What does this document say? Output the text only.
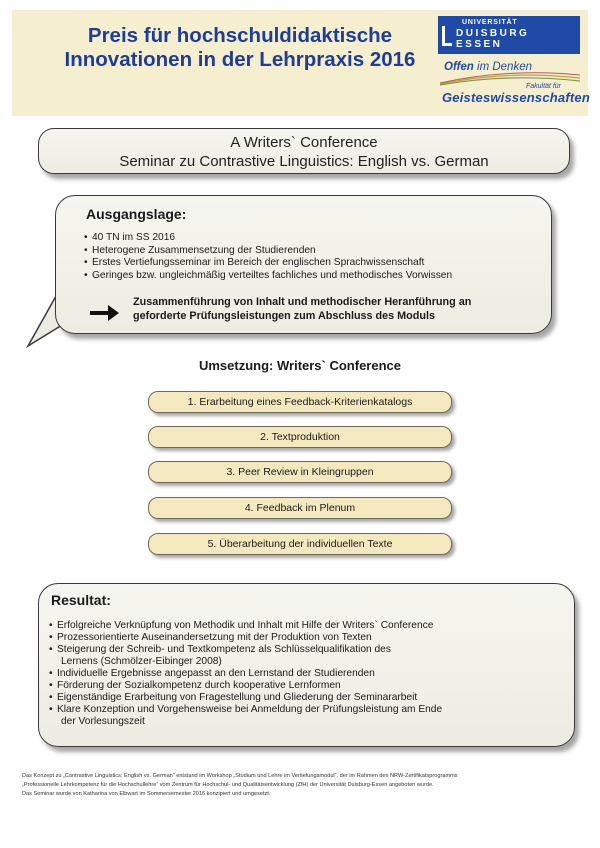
Preis für hochschuldidaktische
Innovationen in der Lehrpraxis 2016
UNIVERSITÄT
DUISBURG
ESSEN
Offen im Denken
Fakultät für
Geisteswissenschaften
A Writers` Conference
Seminar zu Contrastive Linguistics: English vs. German
Ausgangslage:
• 40 TN im SS 2016
• Heterogene Zusammensetzung der Studierenden
• Erstes Vertiefungsseminar im Bereich der englischen Sprachwissenschaft
• Geringes bzw. ungleichmäßig verteiltes fachliches und methodisches Vorwissen
Zusammenführung von Inhalt und methodischer Heranführung an
geforderte Prüfungsleistungen zum Abschluss des Moduls
Umsetzung: Writers` Conference
1. Erarbeitung eines Feedback-Kriterienkatalogs
2. Textproduktion
3. Peer Review in Kleingruppen
4. Feedback im Plenum
5. Überarbeitung der individuellen Texte
Resultat:
• Erfolgreiche Verknüpfung von Methodik und Inhalt mit Hilfe der Writers` Conference
• Prozessorientierte Auseinandersetzung mit der Produktion von Texten
• Steigerung der Schreib- und Textkompetenz als Schlüsselqualifikation des
Lernens (Schmölzer-Eibinger 2008)
• Individuelle Ergebnisse angepasst an den Lernstand der Studierenden
• Förderung der Sozialkompetenz durch kooperative Lernformen
• Eigenständige Erarbeitung von Fragestellung und Gliederung der Seminararbeit
• Klare Konzeption und Vorgehensweise bei Anmeldung der Prüfungsleistung am Ende
der Vorlesungszeit
Das Konzept zu „Contrastive Linguistics: English vs. German“ entstand im Workshop „Studium und Lehre im Vertiefungsmodul“, der im Rahmen des NRW-Zertifikatsprogramms
„Professionelle Lehrkompetenz für die Hochschullehre“ vom Zentrum für Hochschul- und Qualitätsentwicklung (ZfH) der Universität Duisburg-Essen angeboten wurde.
Das Seminar wurde von Katharina von Elbwart im Sommersemester 2016 konzipiert und umgesetzt.
